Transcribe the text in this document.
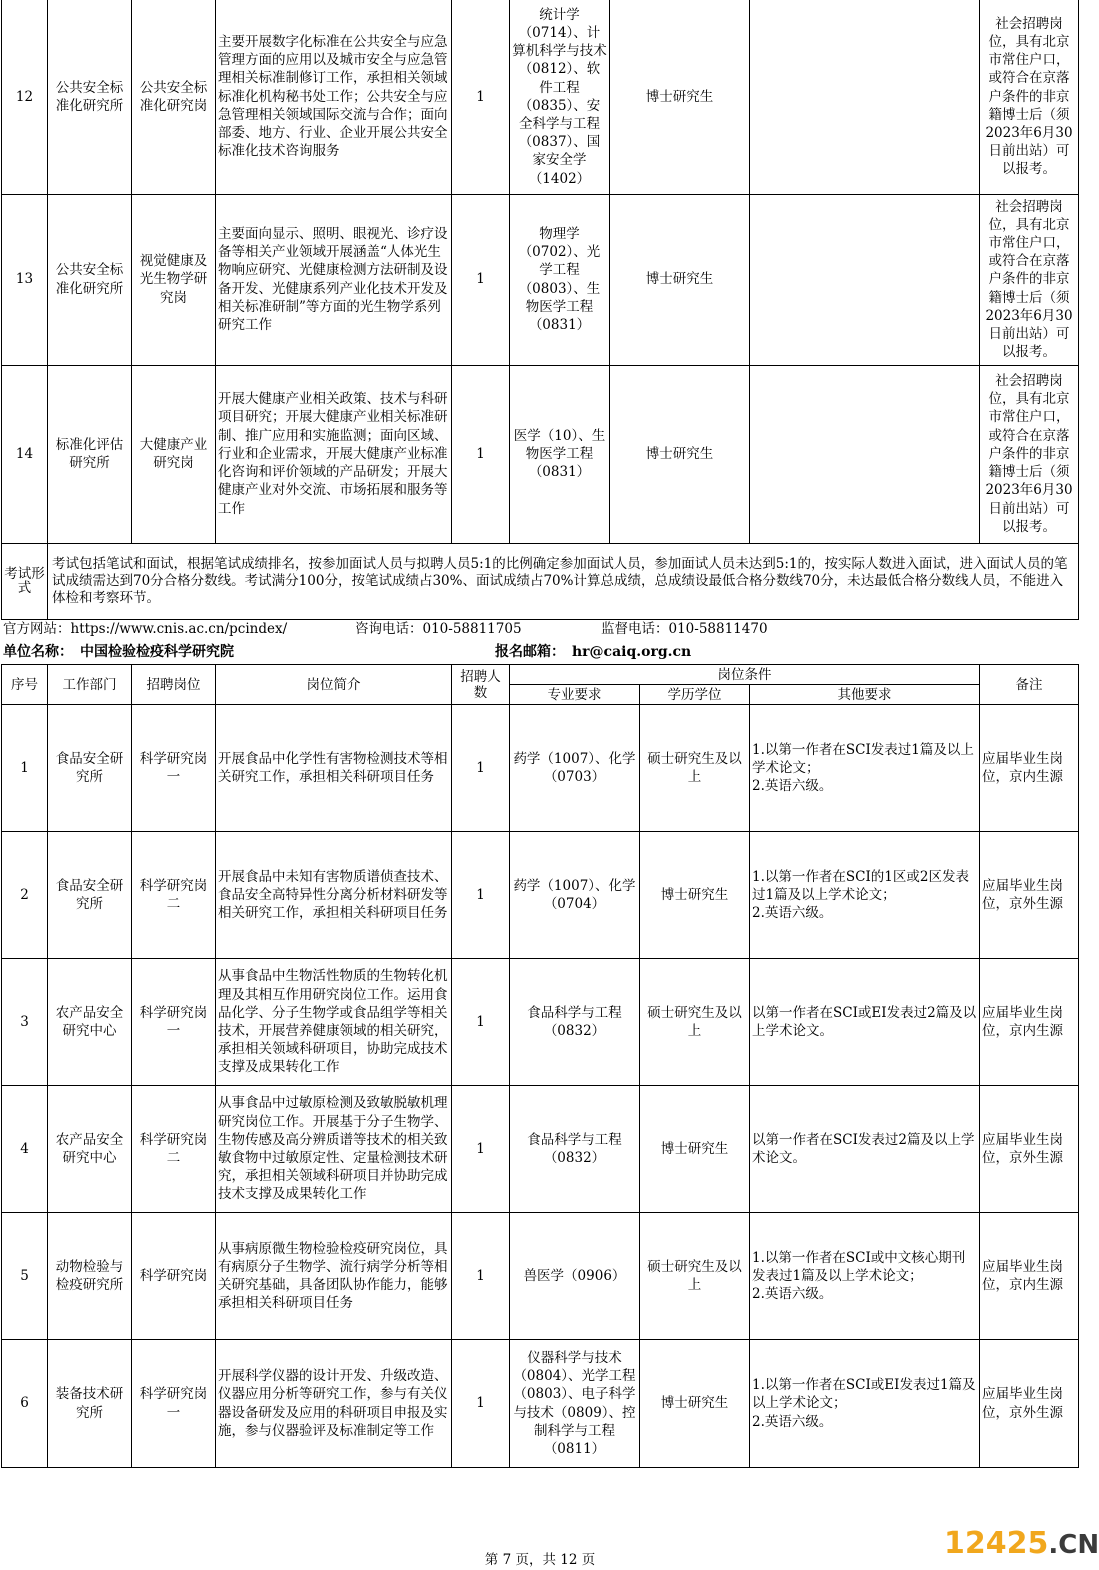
12	公共安全标准化研究所	公共安全标准化研究岗	主要开展数字化标准在公共安全与应急管理方面的应用以及城市安全与应急管理相关标准制修订工作，承担相关领域标准化机构秘书处工作；公共安全与应急管理相关领域国际交流与合作；面向部委、地方、行业、企业开展公共安全标准化技术咨询服务	1	统计学（0714）、计算机科学与技术（0812）、软件工程（0835）、安全科学与工程（0837）、国家安全学（1402）	博士研究生		社会招聘岗位，具有北京市常住户口，或符合在京落户条件的非京籍博士后（须2023年6月30日前出站）可以报考。
13	公共安全标准化研究所	视觉健康及光生物学研究岗	主要面向显示、照明、眼视光、诊疗设备等相关产业领域开展涵盖“人体光生物响应研究、光健康检测方法研制及设备开发、光健康系列产业化技术开发及相关标准研制”等方面的光生物学系列研究工作	1	物理学（0702）、光学工程（0803）、生物医学工程（0831）	博士研究生		社会招聘岗位，具有北京市常住户口，或符合在京落户条件的非京籍博士后（须2023年6月30日前出站）可以报考。
14	标准化评估研究所	大健康产业研究岗	开展大健康产业相关政策、技术与科研项目研究；开展大健康产业相关标准研制、推广应用和实施监测；面向区域、行业和企业需求，开展大健康产业标准化咨询和评价领域的产品研发；开展大健康产业对外交流、市场拓展和服务等工作	1	医学（10）、生物医学工程（0831）	博士研究生		社会招聘岗位，具有北京市常住户口，或符合在京落户条件的非京籍博士后（须2023年6月30日前出站）可以报考。
考试形式	考试包括笔试和面试，根据笔试成绩排名，按参加面试人员与拟聘人员5:1的比例确定参加面试人员，参加面试人员未达到5:1的，按实际人数进入面试，进入面试人员的笔试成绩需达到70分合格分数线。考试满分100分，按笔试成绩占30%、面试成绩占70%计算总成绩，总成绩设最低合格分数线70分，未达最低合格分数线人员，不能进入体检和考察环节。							
官方网站：https://www.cnis.ac.cn/pcindex/	咨询电话：010-58811705	监督电话：010-58811470
单位名称：　中国检验检疫科学研究院	报名邮箱：　hr@caiq.org.cn
序号	工作部门	招聘岗位	岗位简介	招聘人数	岗位条件			备注
					专业要求	学历学位	其他要求	
1	食品安全研究所	科学研究岗一	开展食品中化学性有害物检测技术等相关研究工作，承担相关科研项目任务	1	药学（1007）、化学（0703）	硕士研究生及以上	1.以第一作者在SCI发表过1篇及以上学术论文；
2.英语六级。	应届毕业生岗位，京内生源
2	食品安全研究所	科学研究岗二	开展食品中未知有害物质谱侦查技术、食品安全高特异性分离分析材料研发等相关研究工作，承担相关科研项目任务	1	药学（1007）、化学（0704）	博士研究生	1.以第一作者在SCI的1区或2区发表过1篇及以上学术论文；
2.英语六级。	应届毕业生岗位，京外生源
3	农产品安全研究中心	科学研究岗一	从事食品中生物活性物质的生物转化机理及其相互作用研究岗位工作。运用食品化学、分子生物学或食品组学等相关技术，开展营养健康领域的相关研究，承担相关领域科研项目，协助完成技术支撑及成果转化工作	1	食品科学与工程（0832）	硕士研究生及以上	以第一作者在SCI或EI发表过2篇及以上学术论文。	应届毕业生岗位，京内生源
4	农产品安全研究中心	科学研究岗二	从事食品中过敏原检测及致敏脱敏机理研究岗位工作。开展基于分子生物学、生物传感及高分辨质谱等技术的相关致敏食物中过敏原定性、定量检测技术研究，承担相关领域科研项目并协助完成技术支撑及成果转化工作	1	食品科学与工程（0832）	博士研究生	以第一作者在SCI发表过2篇及以上学术论文。	应届毕业生岗位，京外生源
5	动物检验与检疫研究所	科学研究岗	从事病原微生物检验检疫研究岗位，具有病原分子生物学、流行病学分析等相关研究基础，具备团队协作能力，能够承担相关科研项目任务	1	兽医学（0906）	硕士研究生及以上	1.以第一作者在SCI或中文核心期刊发表过1篇及以上学术论文；
2.英语六级。	应届毕业生岗位，京内生源
6	装备技术研究所	科学研究岗一	开展科学仪器的设计开发、升级改造、仪器应用分析等研究工作，参与有关仪器设备研发及应用的科研项目申报及实施，参与仪器验评及标准制定等工作	1	仪器科学与技术（0804）、光学工程（0803）、电子科学与技术（0809）、控制科学与工程（0811）	博士研究生	1.以第一作者在SCI或EI发表过1篇及以上学术论文；
2.英语六级。	应届毕业生岗位，京外生源
第 7 页，共 12 页	12425.CN
